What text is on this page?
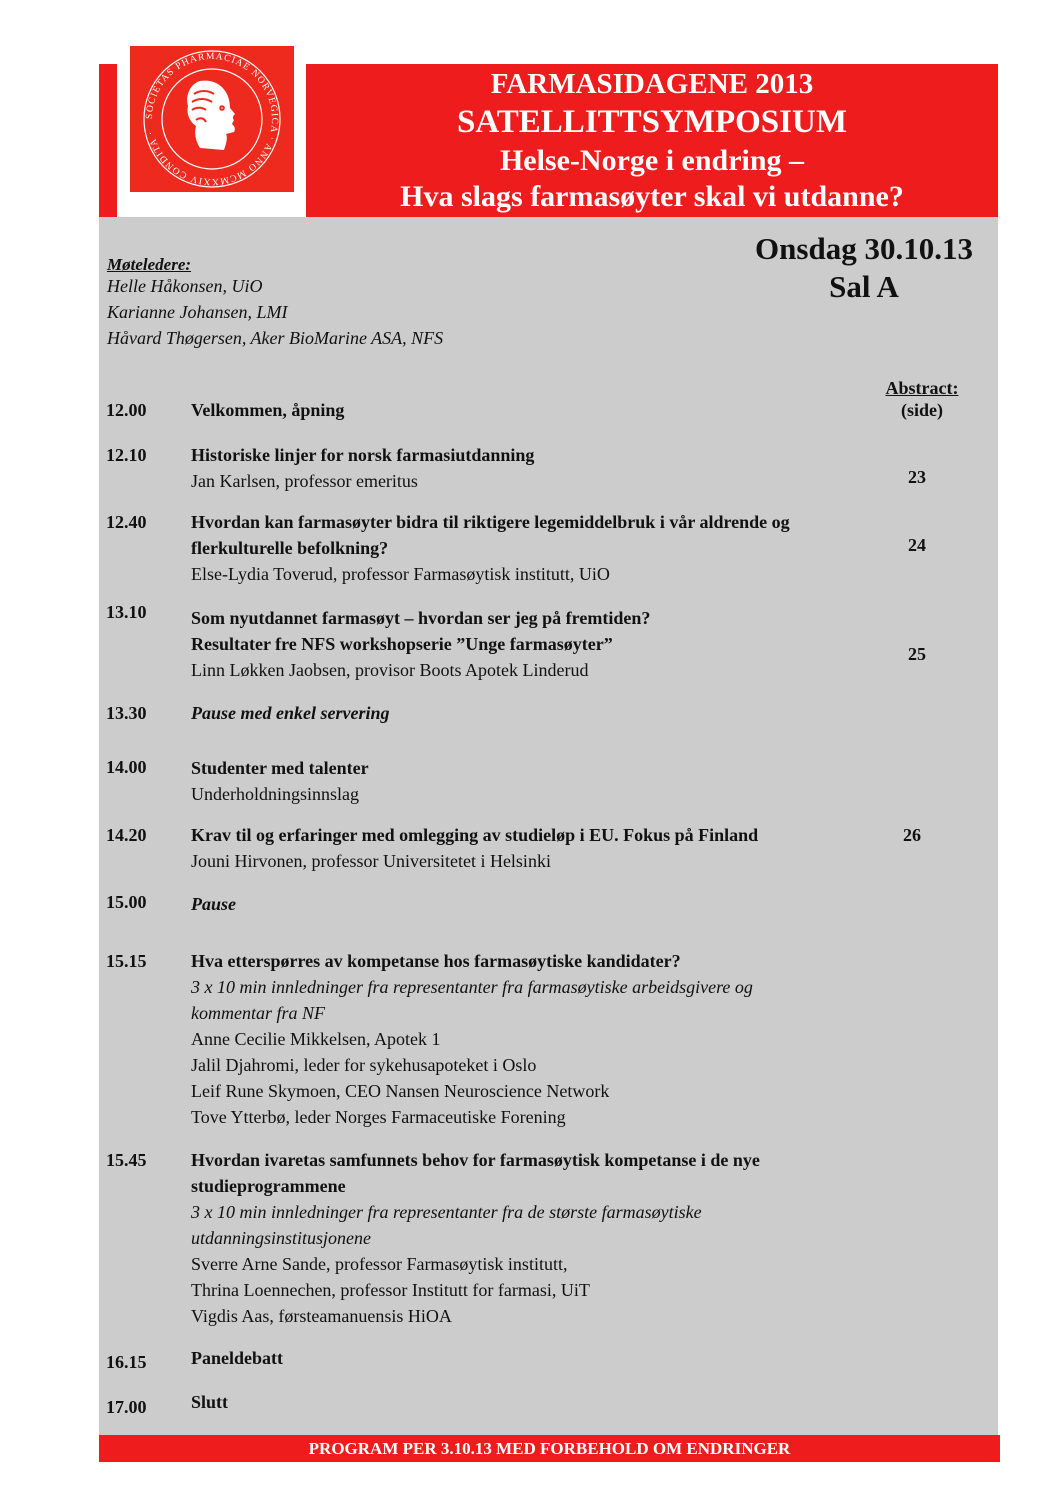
SOCIETAS PHARMACIAE NORVEGICA · ANNO MCMXXIV CONDITA ·
FARMASIDAGENE 2013
SATELLITTSYMPOSIUM
Helse-Norge i endring –
Hva slags farmasøyter skal vi utdanne?
Onsdag 30.10.13
Sal A
Møteledere:
Helle Håkonsen, UiO
Karianne Johansen, LMI
Håvard Thøgersen, Aker BioMarine ASA, NFS
Abstract:
(side)
12.00 Velkommen, åpning
12.10 Historiske linjer for norsk farmasiutdanning
Jan Karlsen, professor emeritus	23
12.40 Hvordan kan farmasøyter bidra til riktigere legemiddelbruk i vår aldrende og
flerkulturelle befolkning?
Else-Lydia Toverud, professor Farmasøytisk institutt, UiO
24
13.10 Som nyutdannet farmasøyt – hvordan ser jeg på fremtiden?
Resultater fre NFS workshopserie ”Unge farmasøyter”
Linn Løkken Jaobsen, provisor Boots Apotek Linderud
25
13.30 Pause med enkel servering
14.00 Studenter med talenter
Underholdningsinnslag
14.20 Krav til og erfaringer med omlegging av studieløp i EU. Fokus på Finland
Jouni Hirvonen, professor Universitetet i Helsinki
26
15.00 Pause
15.15 Hva etterspørres av kompetanse hos farmasøytiske kandidater?
3 x 10 min innledninger fra representanter fra farmasøytiske arbeidsgivere og
kommentar fra NF
Anne Cecilie Mikkelsen, Apotek 1
Jalil Djahromi, leder for sykehusapoteket i Oslo
Leif Rune Skymoen, CEO Nansen Neuroscience Network
Tove Ytterbø, leder Norges Farmaceutiske Forening
15.45 Hvordan ivaretas samfunnets behov for farmasøytisk kompetanse i de nye
studieprogrammene
3 x 10 min innledninger fra representanter fra de største farmasøytiske
utdanningsinstitusjonene
Sverre Arne Sande, professor Farmasøytisk institutt,
Thrina Loennechen, professor Institutt for farmasi, UiT
Vigdis Aas, førsteamanuensis HiOA
16.15 Paneldebatt
17.00 Slutt
PROGRAM PER 3.10.13 MED FORBEHOLD OM ENDRINGER
